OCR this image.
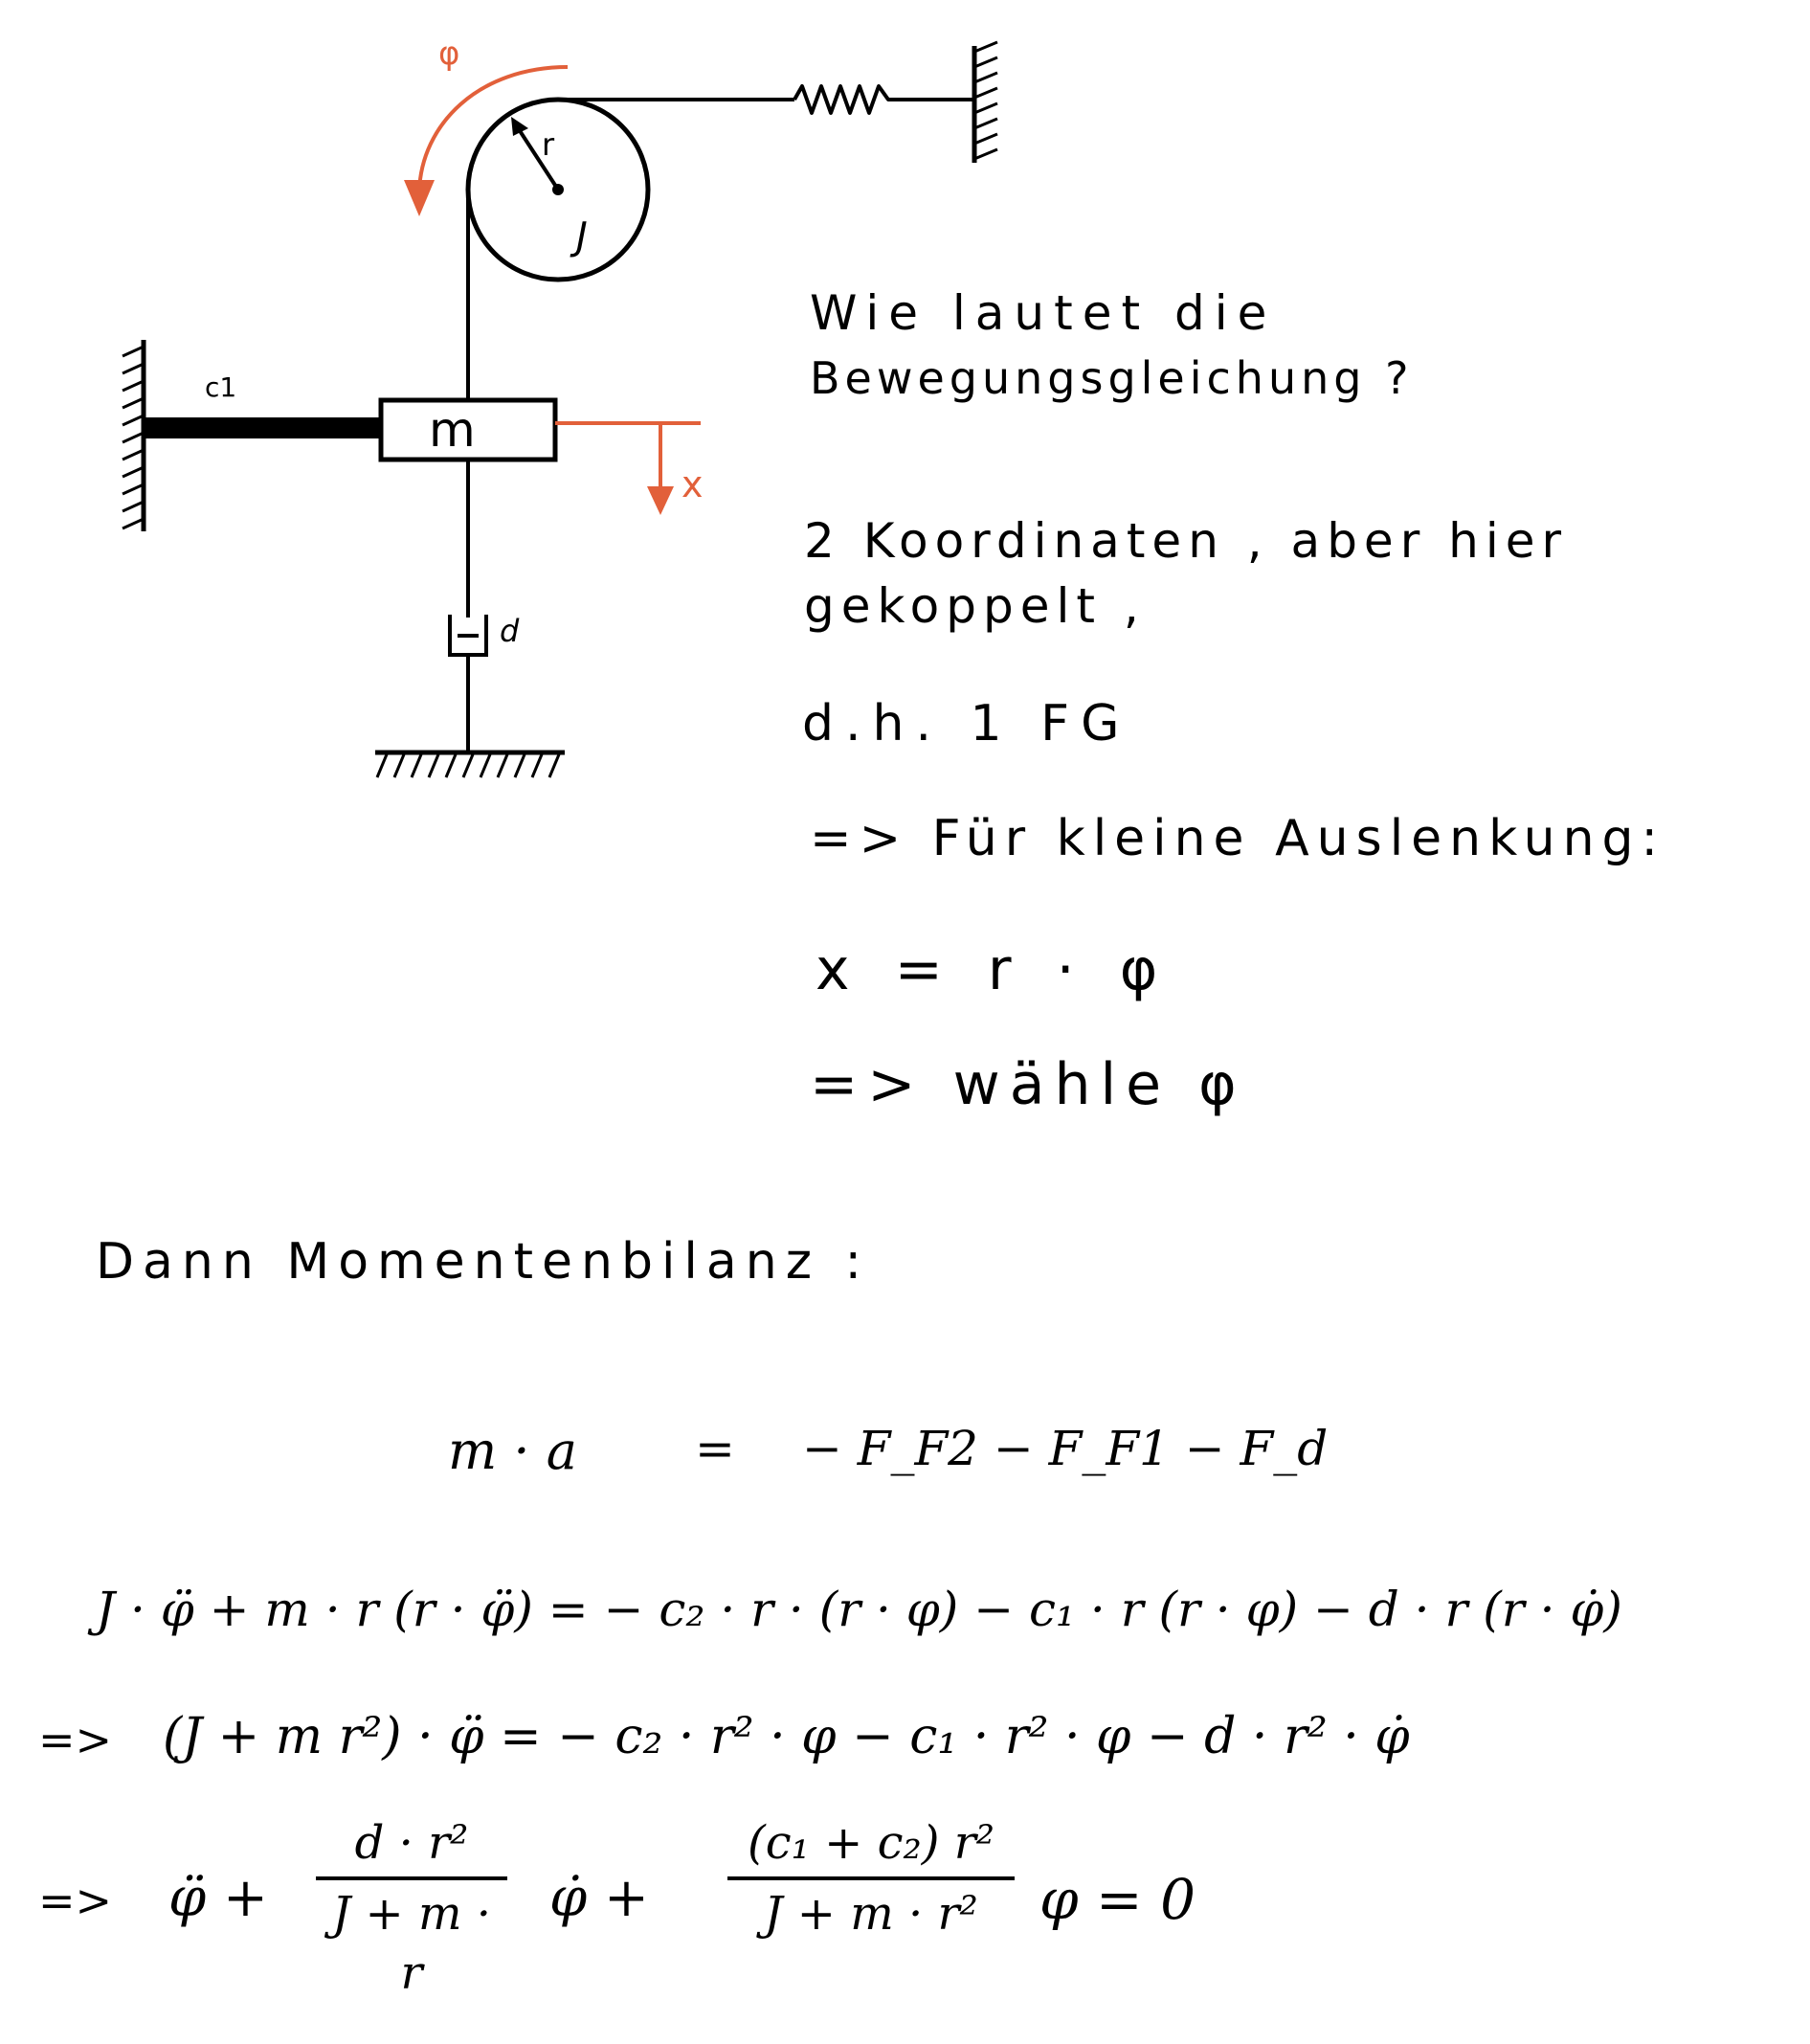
φ
r
J
c1
m
x
d
Wie lautet die
Bewegungsgleichung ?
2 Koordinaten , aber hier
gekoppelt ,
d.h. 1 FG
=> Für kleine Auslenkung:
x = r · φ
=> wähle φ
Dann Momentenbilanz :
m · a = − F_F2 − F_F1 − F_d
J · φ̈ + m · r (r · φ̈) = − c₂ · r · (r · φ) − c₁ · r (r · φ) − d · r (r · φ̇)
=> (J + m r²) · φ̈ = − c₂ · r² · φ − c₁ · r² · φ − d · r² · φ̇
=> φ̈ +
d · r²
J + m · r
φ̇ +
(c₁ + c₂) r²
J + m · r²	φ = 0
